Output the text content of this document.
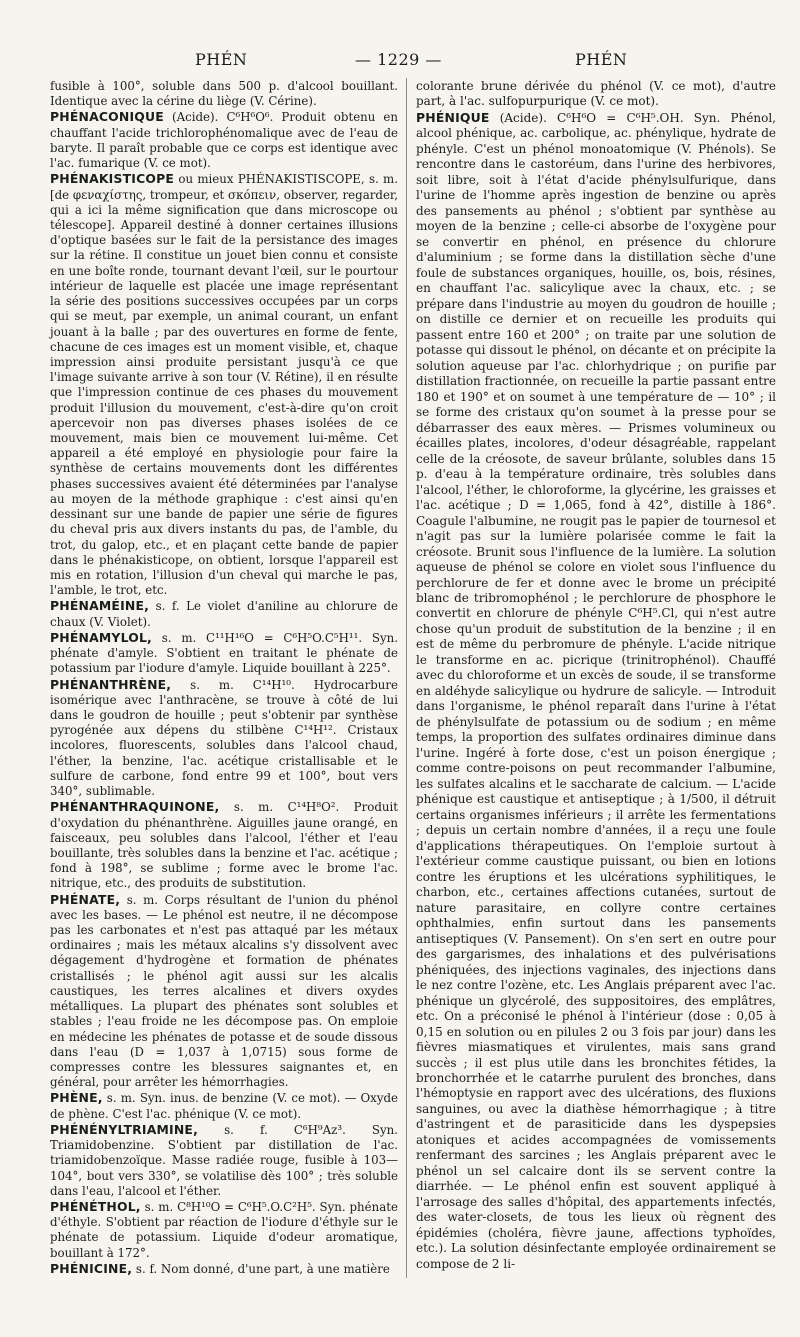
PHÉN	— 1229 —	PHÉN

fusible à 100°, soluble dans 500 p. d'alcool bouillant. Identique avec la cérine du liège (V. Cérine).

PHÉNACONIQUE (Acide). C⁶H⁶O⁶. Produit obtenu en chauffant l'acide trichlorophénomalique avec de l'eau de baryte. Il paraît probable que ce corps est identique avec l'ac. fumarique (V. ce mot).

PHÉNAKISTICOPE ou mieux PHÉNAKISTISCOPE, s. m. [de φεναχίστης, trompeur, et σκόπειν, observer, regarder, qui a ici la même signification que dans microscope ou télescope]. Appareil destiné à donner certaines illusions d'optique basées sur le fait de la persistance des images sur la rétine. Il constitue un jouet bien connu et consiste en une boîte ronde, tournant devant l'œil, sur le pourtour intérieur de laquelle est placée une image représentant la série des positions successives occupées par un corps qui se meut, par exemple, un animal courant, un enfant jouant à la balle ; par des ouvertures en forme de fente, chacune de ces images est un moment visible, et, chaque impression ainsi produite persistant jusqu'à ce que l'image suivante arrive à son tour (V. Rétine), il en résulte que l'impression continue de ces phases du mouvement produit l'illusion du mouvement, c'est-à-dire qu'on croit apercevoir non pas diverses phases isolées de ce mouvement, mais bien ce mouvement lui-même. Cet appareil a été employé en physiologie pour faire la synthèse de certains mouvements dont les différentes phases successives avaient été déterminées par l'analyse au moyen de la méthode graphique : c'est ainsi qu'en dessinant sur une bande de papier une série de figures du cheval pris aux divers instants du pas, de l'amble, du trot, du galop, etc., et en plaçant cette bande de papier dans le phénakisticope, on obtient, lorsque l'appareil est mis en rotation, l'illusion d'un cheval qui marche le pas, l'amble, le trot, etc.

PHÉNAMÉINE, s. f. Le violet d'aniline au chlorure de chaux (V. Violet).

PHÉNAMYLOL, s. m. C¹¹H¹⁶O = C⁶H⁵O.C⁵H¹¹. Syn. phénate d'amyle. S'obtient en traitant le phénate de potassium par l'iodure d'amyle. Liquide bouillant à 225°.

PHÉNANTHRÈNE, s. m. C¹⁴H¹⁰. Hydrocarbure isomérique avec l'anthracène, se trouve à côté de lui dans le goudron de houille ; peut s'obtenir par synthèse pyrogénée aux dépens du stilbène C¹⁴H¹². Cristaux incolores, fluorescents, solubles dans l'alcool chaud, l'éther, la benzine, l'ac. acétique cristallisable et le sulfure de carbone, fond entre 99 et 100°, bout vers 340°, sublimable.

PHÉNANTHRAQUINONE, s. m. C¹⁴H⁸O². Produit d'oxydation du phénanthrène. Aiguilles jaune orangé, en faisceaux, peu solubles dans l'alcool, l'éther et l'eau bouillante, très solubles dans la benzine et l'ac. acétique ; fond à 198°, se sublime ; forme avec le brome l'ac. nitrique, etc., des produits de substitution.

PHÉNATE, s. m. Corps résultant de l'union du phénol avec les bases. — Le phénol est neutre, il ne décompose pas les carbonates et n'est pas attaqué par les métaux ordinaires ; mais les métaux alcalins s'y dissolvent avec dégagement d'hydrogène et formation de phénates cristallisés ; le phénol agit aussi sur les alcalis caustiques, les terres alcalines et divers oxydes métalliques. La plupart des phénates sont solubles et stables ; l'eau froide ne les décompose pas. On emploie en médecine les phénates de potasse et de soude dissous dans l'eau (D = 1,037 à 1,0715) sous forme de compresses contre les blessures saignantes et, en général, pour arrêter les hémorrhagies.

PHÈNE, s. m. Syn. inus. de benzine (V. ce mot). — Oxyde de phène. C'est l'ac. phénique (V. ce mot).

PHÉNÉNYLTRIAMINE, s. f. C⁶H⁹Az³. Syn. Triamidobenzine. S'obtient par distillation de l'ac. triamidobenzoïque. Masse radiée rouge, fusible à 103—104°, bout vers 330°, se volatilise dès 100° ; très soluble dans l'eau, l'alcool et l'éther.

PHÉNÉTHOL, s. m. C⁸H¹⁰O = C⁶H⁵.O.C²H⁵. Syn. phénate d'éthyle. S'obtient par réaction de l'iodure d'éthyle sur le phénate de potassium. Liquide d'odeur aromatique, bouillant à 172°.

PHÉNICINE, s. f. Nom donné, d'une part, à une matière

colorante brune dérivée du phénol (V. ce mot), d'autre part, à l'ac. sulfopurpurique (V. ce mot).

PHÉNIQUE (Acide). C⁶H⁶O = C⁶H⁵.OH. Syn. Phénol, alcool phénique, ac. carbolique, ac. phénylique, hydrate de phényle. C'est un phénol monoatomique (V. Phénols). Se rencontre dans le castoréum, dans l'urine des herbivores, soit libre, soit à l'état d'acide phénylsulfurique, dans l'urine de l'homme après ingestion de benzine ou après des pansements au phénol ; s'obtient par synthèse au moyen de la benzine ; celle-ci absorbe de l'oxygène pour se convertir en phénol, en présence du chlorure d'aluminium ; se forme dans la distillation sèche d'une foule de substances organiques, houille, os, bois, résines, en chauffant l'ac. salicylique avec la chaux, etc. ; se prépare dans l'industrie au moyen du goudron de houille ; on distille ce dernier et on recueille les produits qui passent entre 160 et 200° ; on traite par une solution de potasse qui dissout le phénol, on décante et on précipite la solution aqueuse par l'ac. chlorhydrique ; on purifie par distillation fractionnée, on recueille la partie passant entre 180 et 190° et on soumet à une température de — 10° ; il se forme des cristaux qu'on soumet à la presse pour se débarrasser des eaux mères. — Prismes volumineux ou écailles plates, incolores, d'odeur désagréable, rappelant celle de la créosote, de saveur brûlante, solubles dans 15 p. d'eau à la température ordinaire, très solubles dans l'alcool, l'éther, le chloroforme, la glycérine, les graisses et l'ac. acétique ; D = 1,065, fond à 42°, distille à 186°. Coagule l'albumine, ne rougit pas le papier de tournesol et n'agit pas sur la lumière polarisée comme le fait la créosote. Brunit sous l'influence de la lumière. La solution aqueuse de phénol se colore en violet sous l'influence du perchlorure de fer et donne avec le brome un précipité blanc de tribromophénol ; le perchlorure de phosphore le convertit en chlorure de phényle C⁶H⁵.Cl, qui n'est autre chose qu'un produit de substitution de la benzine ; il en est de même du perbromure de phényle. L'acide nitrique le transforme en ac. picrique (trinitrophénol). Chauffé avec du chloroforme et un excès de soude, il se transforme en aldéhyde salicylique ou hydrure de salicyle. — Introduit dans l'organisme, le phénol reparaît dans l'urine à l'état de phénylsulfate de potassium ou de sodium ; en même temps, la proportion des sulfates ordinaires diminue dans l'urine. Ingéré à forte dose, c'est un poison énergique ; comme contre-poisons on peut recommander l'albumine, les sulfates alcalins et le saccharate de calcium. — L'acide phénique est caustique et antiseptique ; à 1/500, il détruit certains organismes inférieurs ; il arrête les fermentations ; depuis un certain nombre d'années, il a reçu une foule d'applications thérapeutiques. On l'emploie surtout à l'extérieur comme caustique puissant, ou bien en lotions contre les éruptions et les ulcérations syphilitiques, le charbon, etc., certaines affections cutanées, surtout de nature parasitaire, en collyre contre certaines ophthalmies, enfin surtout dans les pansements antiseptiques (V. Pansement). On s'en sert en outre pour des gargarismes, des inhalations et des pulvérisations phéniquées, des injections vaginales, des injections dans le nez contre l'ozène, etc. Les Anglais préparent avec l'ac. phénique un glycérolé, des suppositoires, des emplâtres, etc. On a préconisé le phénol à l'intérieur (dose : 0,05 à 0,15 en solution ou en pilules 2 ou 3 fois par jour) dans les fièvres miasmatiques et virulentes, mais sans grand succès ; il est plus utile dans les bronchites fétides, la bronchorrhée et le catarrhe purulent des bronches, dans l'hémoptysie en rapport avec des ulcérations, des fluxions sanguines, ou avec la diathèse hémorrhagique ; à titre d'astringent et de parasiticide dans les dyspepsies atoniques et acides accompagnées de vomissements renfermant des sarcines ; les Anglais préparent avec le phénol un sel calcaire dont ils se servent contre la diarrhée. — Le phénol enfin est souvent appliqué à l'arrosage des salles d'hôpital, des appartements infectés, des water-closets, de tous les lieux où règnent des épidémies (choléra, fièvre jaune, affections typhoïdes, etc.). La solution désinfectante employée ordinairement se compose de 2 li-
